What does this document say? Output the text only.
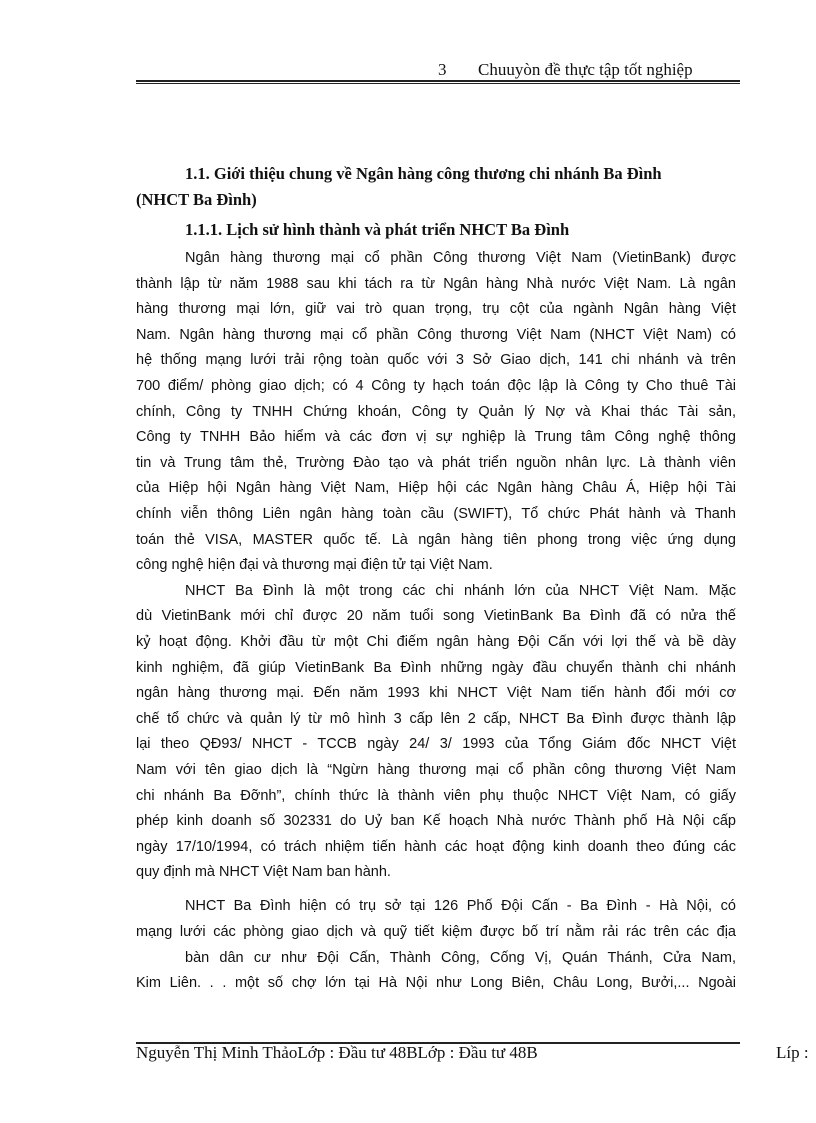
3 Chuuyòn đề thực tập tốt nghiệp
1.1. Giới thiệu chung về Ngân hàng công thương chi nhánh Ba Đình
(NHCT Ba Đình)
1.1.1. Lịch sử hình thành và phát triển NHCT Ba Đình
Ngân hàng thương mại cổ phần Công thương Việt Nam (VietinBank) được
thành lập từ năm 1988 sau khi tách ra từ Ngân hàng Nhà nước Việt Nam. Là ngân
hàng thương mại lớn, giữ vai trò quan trọng, trụ cột của ngành Ngân hàng Việt
Nam. Ngân hàng thương mại cổ phần Công thương Việt Nam (NHCT Việt Nam) có
hệ thống mạng lưới trải rộng toàn quốc với 3 Sở Giao dịch, 141 chi nhánh và trên
700 điểm/ phòng giao dịch; có 4 Công ty hạch toán độc lập là Công ty Cho thuê Tài
chính, Công ty TNHH Chứng khoán, Công ty Quản lý Nợ và Khai thác Tài sản,
Công ty TNHH Bảo hiểm và các đơn vị sự nghiệp là Trung tâm Công nghệ thông
tin và Trung tâm thẻ, Trường Đào tạo và phát triển nguồn nhân lực. Là thành viên
của Hiệp hội Ngân hàng Việt Nam, Hiệp hội các Ngân hàng Châu Á, Hiệp hội Tài
chính viễn thông Liên ngân hàng toàn cầu (SWIFT), Tổ chức Phát hành và Thanh
toán thẻ VISA, MASTER quốc tế. Là ngân hàng tiên phong trong việc ứng dụng
công nghệ hiện đại và thương mại điện tử tại Việt Nam.
NHCT Ba Đình là một trong các chi nhánh lớn của NHCT Việt Nam. Mặc
dù VietinBank mới chỉ được 20 năm tuổi song VietinBank Ba Đình đã có nửa thế
kỷ hoạt động. Khởi đầu từ một Chi điếm ngân hàng Đội Cấn với lợi thế và bề dày
kinh nghiệm, đã giúp VietinBank Ba Đình những ngày đầu chuyển thành chi nhánh
ngân hàng thương mại. Đến năm 1993 khi NHCT Việt Nam tiến hành đổi mới cơ
chế tổ chức và quản lý từ mô hình 3 cấp lên 2 cấp, NHCT Ba Đình được thành lập
lại theo QĐ93/ NHCT - TCCB ngày 24/ 3/ 1993 của Tổng Giám đốc NHCT Việt
Nam với tên giao dịch là “Ngừn hàng thương mại cổ phần công thương Việt Nam
chi nhánh Ba Đỡnh”, chính thức là thành viên phụ thuộc NHCT Việt Nam, có giấy
phép kinh doanh số 302331 do Uỷ ban Kế hoạch Nhà nước Thành phố Hà Nội cấp
ngày 17/10/1994, có trách nhiệm tiến hành các hoạt động kinh doanh theo đúng các
quy định mà NHCT Việt Nam ban hành.
NHCT Ba Đình hiện có trụ sở tại 126 Phố Đội Cấn - Ba Đình - Hà Nội, có
mạng lưới các phòng giao dịch và quỹ tiết kiệm được bố trí nằm rải rác trên các địa
bàn dân cư như Đội Cấn, Thành Công, Cống Vị, Quán Thánh, Cửa Nam,
Kim Liên. . . một số chợ lớn tại Hà Nội như Long Biên, Châu Long, Bưởi,... Ngoài
Nguyễn Thị Minh ThảoLớp : Đầu tư 48BLớp : Đầu tư 48B	Líp :
